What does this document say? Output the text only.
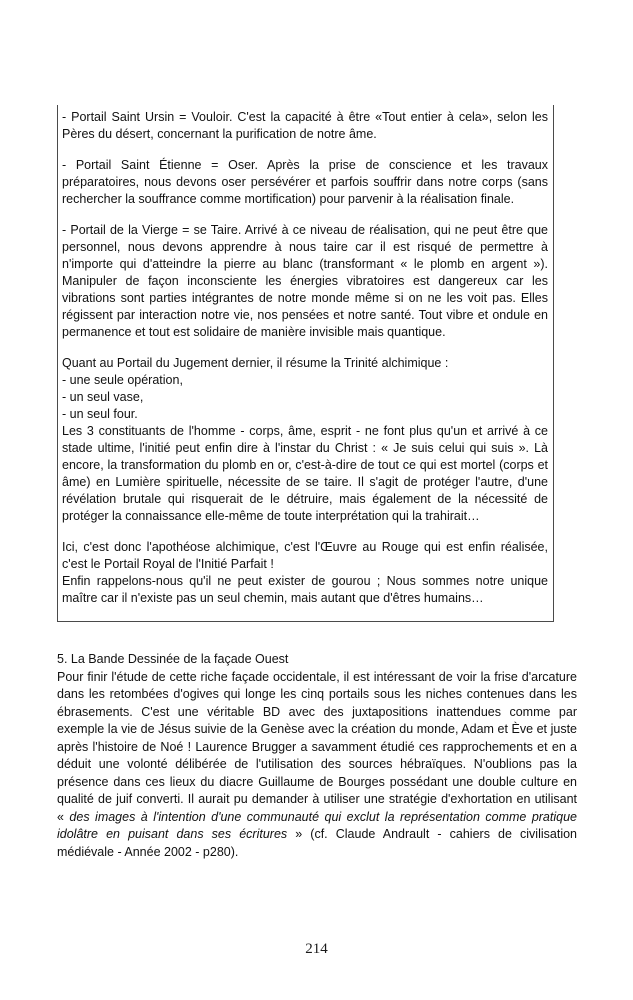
- Portail Saint Ursin = Vouloir. C'est la capacité à être «Tout entier à cela», selon les Pères du désert, concernant la purification de notre âme.

- Portail Saint Étienne = Oser. Après la prise de conscience et les travaux préparatoires, nous devons oser persévérer et parfois souffrir dans notre corps (sans rechercher la souffrance comme mortification) pour parvenir à la réalisation finale.

- Portail de la Vierge = se Taire. Arrivé à ce niveau de réalisation, qui ne peut être que personnel, nous devons apprendre à nous taire car il est risqué de permettre à n'importe qui d'atteindre la pierre au blanc (transformant « le plomb en argent »). Manipuler de façon inconsciente les énergies vibratoires est dangereux car les vibrations sont parties intégrantes de notre monde même si on ne les voit pas. Elles régissent par interaction notre vie, nos pensées et notre santé. Tout vibre et ondule en permanence et tout est solidaire de manière invisible mais quantique.

Quant au Portail du Jugement dernier, il résume la Trinité alchimique :
- une seule opération,
- un seul vase,
- un seul four.
Les 3 constituants de l'homme - corps, âme, esprit - ne font plus qu'un et arrivé à ce stade ultime, l'initié peut enfin dire à l'instar du Christ : « Je suis celui qui suis ». Là encore, la transformation du plomb en or, c'est-à-dire de tout ce qui est mortel (corps et âme) en Lumière spirituelle, nécessite de se taire. Il s'agit de protéger l'autre, d'une révélation brutale qui risquerait de le détruire, mais également de la nécessité de protéger la connaissance elle-même de toute interprétation qui la trahirait…

Ici, c'est donc l'apothéose alchimique, c'est l'Œuvre au Rouge qui est enfin réalisée, c'est le Portail Royal de l'Initié Parfait !
Enfin rappelons-nous qu'il ne peut exister de gourou ; Nous sommes notre unique maître car il n'existe pas un seul chemin, mais autant que d'êtres humains…

5. La Bande Dessinée de la façade Ouest

Pour finir l'étude de cette riche façade occidentale, il est intéressant de voir la frise d'arcature dans les retombées d'ogives qui longe les cinq portails sous les niches contenues dans les ébrasements. C'est une véritable BD avec des juxtapositions inattendues comme par exemple la vie de Jésus suivie de la Genèse avec la création du monde, Adam et Ève et juste après l'histoire de Noé ! Laurence Brugger a savamment étudié ces rapprochements et en a déduit une volonté délibérée de l'utilisation des sources hébraïques. N'oublions pas la présence dans ces lieux du diacre Guillaume de Bourges possédant une double culture en qualité de juif converti. Il aurait pu demander à utiliser une stratégie d'exhortation en utilisant « des images à l'intention d'une communauté qui exclut la représentation comme pratique idolâtre en puisant dans ses écritures » (cf. Claude Andrault - cahiers de civilisation médiévale - Année 2002 - p280).

214
